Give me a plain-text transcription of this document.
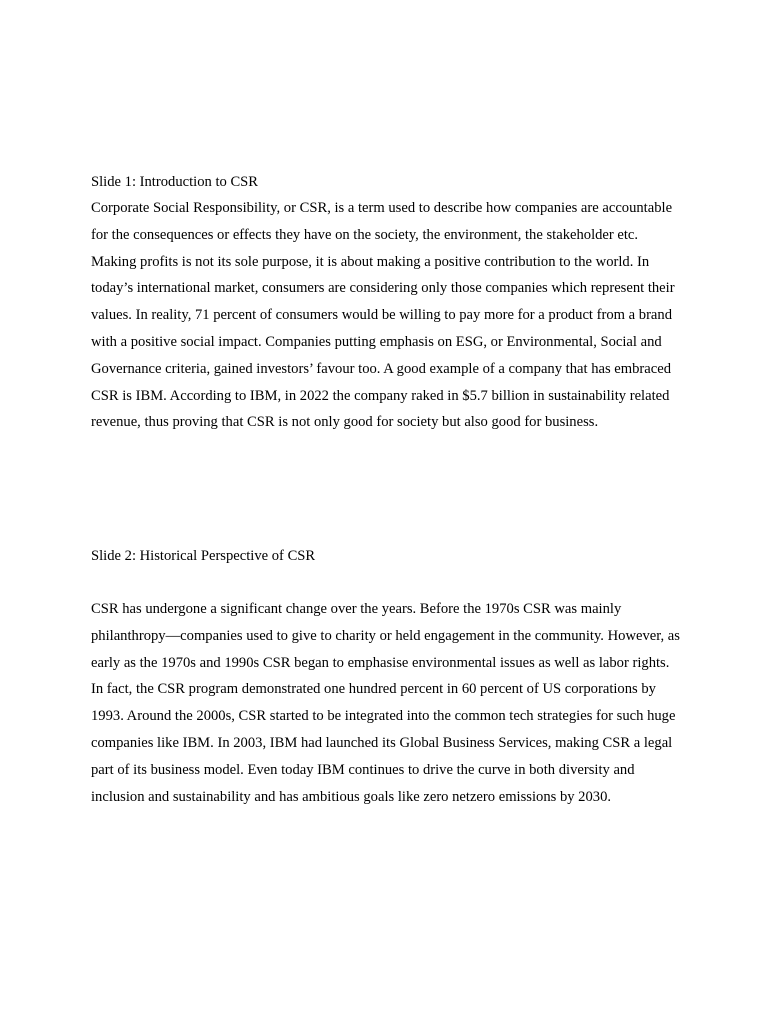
Slide 1: Introduction to CSR

Corporate Social Responsibility, or CSR, is a term used to describe how companies are accountable for the consequences or effects they have on the society, the environment, the stakeholder etc. Making profits is not its sole purpose, it is about making a positive contribution to the world. In today’s international market, consumers are considering only those companies which represent their values. In reality, 71 percent of consumers would be willing to pay more for a product from a brand with a positive social impact. Companies putting emphasis on ESG, or Environmental, Social and Governance criteria, gained investors’ favour too. A good example of a company that has embraced CSR is IBM. According to IBM, in 2022 the company raked in $5.7 billion in sustainability related revenue, thus proving that CSR is not only good for society but also good for business.

Slide 2: Historical Perspective of CSR

CSR has undergone a significant change over the years. Before the 1970s CSR was mainly philanthropy—companies used to give to charity or held engagement in the community. However, as early as the 1970s and 1990s CSR began to emphasise environmental issues as well as labor rights. In fact, the CSR program demonstrated one hundred percent in 60 percent of US corporations by 1993. Around the 2000s, CSR started to be integrated into the common tech strategies for such huge companies like IBM. In 2003, IBM had launched its Global Business Services, making CSR a legal part of its business model. Even today IBM continues to drive the curve in both diversity and inclusion and sustainability and has ambitious goals like zero netzero emissions by 2030.
